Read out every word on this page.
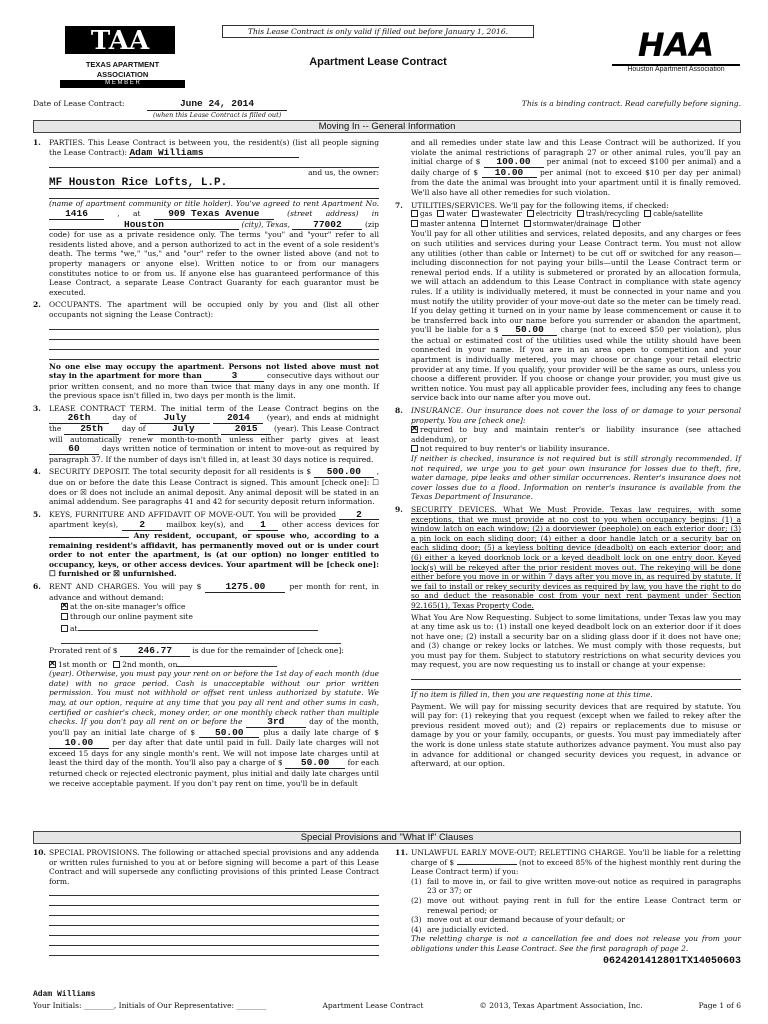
TAA
TEXAS APARTMENT ASSOCIATION
M E M B E R
This Lease Contract is only valid if filled out before January 1, 2016.
Apartment Lease Contract	HAA
Houston Apartment Association
Date of Lease Contract:	June 24, 2014	This is a binding contract. Read carefully before signing.
(when this Lease Contract is filled out)
Moving In -- General Information
1. PARTIES. This Lease Contract is between you, the resident(s) (list all people signing the Lease Contract): Adam Williams
and us, the owner:
MF Houston Rice Lofts, L.P.
(name of apartment community or title holder). You've agreed to rent Apartment No. 1416	, at	909 Texas Avenue	(street address) in Houston	(city), Texas, 77002	(zip code) for use as a private residence only. The terms "you" and "your" refer to all residents listed above, and a person authorized to act in the event of a sole resident's death. The terms "we," "us," and "our" refer to the owner listed above (and not to property managers or anyone else). Written notice to or from our managers constitutes notice to or from us. If anyone else has guaranteed performance of this Lease Contract, a separate Lease Contract Guaranty for each guarantor must be executed.
2. OCCUPANTS. The apartment will be occupied only by you and (list all other occupants not signing the Lease Contract):
No one else may occupy the apartment. Persons not listed above must not stay in the apartment for more than	3	consecutive days without our prior written consent, and no more than twice that many days in any one month. If the previous space isn't filled in, two days per month is the limit.
3. LEASE CONTRACT TERM. The initial term of the Lease Contract begins on the 26th	day of	July	2014 (year), and ends at midnight the 25th	day of	July	2015 (year). This Lease Contract will automatically renew month-to-month unless either party gives at least 60	days written notice of termination or intent to move-out as required by paragraph 37. If the number of days isn't filled in, at least 30 days notice is required.
4. SECURITY DEPOSIT. The total security deposit for all residents is $ 500.00 , due on or before the date this Lease Contract is signed. This amount [check one]: ☐ does or ☒ does not include an animal deposit. Any animal deposit will be stated in an animal addendum. See paragraphs 41 and 42 for security deposit return information.
5. KEYS, FURNITURE AND AFFIDAVIT OF MOVE-OUT. You will be provided 2 apartment key(s), 2	mailbox key(s), and 1 other access devices for  Any resident, occupant, or spouse who, according to a remaining resident's affidavit, has permanently moved out or is under court order to not enter the apartment, is (at our option) no longer entitled to occupancy, keys, or other access devices. Your apartment will be [check one]: ☐ furnished or ☒ unfurnished.
6. RENT AND CHARGES. You will pay $	1275.00	per month for rent, in advance and without demand:
✕at the on-site manager's office
through our online payment site
at
Prorated rent of $ 246.77	is due for the remainder of [check one]:
✕1st month or 2nd month, on
(year). Otherwise, you must pay your rent on or before the 1st day of each month (due date) with no grace period. Cash is unacceptable without our prior written permission. You must not withhold or offset rent unless authorized by statute. We may, at our option, require at any time that you pay all rent and other sums in cash, certified or cashier's check, money order, or one monthly check rather than multiple checks. If you don't pay all rent on or before the	3rd	day of the month, you'll pay an initial late charge of $ 50.00	plus a daily late charge of $ 10.00	per day after that date until paid in full. Daily late charges will not exceed 15 days for any single month's rent. We will not impose late charges until at least the third day of the month. You'll also pay a charge of $ 50.00 for each returned check or rejected electronic payment, plus initial and daily late charges until we receive acceptable payment. If you don't pay rent on time, you'll be in default
and all remedies under state law and this Lease Contract will be authorized. If you violate the animal restrictions of paragraph 27 or other animal rules, you'll pay an initial charge of $ 100.00 per animal (not to exceed $100 per animal) and a daily charge of $ 10.00 per animal (not to exceed $10 per day per animal) from the date the animal was brought into your apartment until it is finally removed. We'll also have all other remedies for such violation.
7. UTILITIES/SERVICES. We'll pay for the following items, if checked:
gas water wastewater electricity trash/recycling cable/satellitemaster antenna Internet stormwater/drainage other
You'll pay for all other utilities and services, related deposits, and any charges or fees on such utilities and services during your Lease Contract term. You must not allow any utilities (other than cable or Internet) to be cut off or switched for any reason—including disconnection for not paying your bills—until the Lease Contract term or renewal period ends. If a utility is submetered or prorated by an allocation formula, we will attach an addendum to this Lease Contract in compliance with state agency rules. If a utility is individually metered, it must be connected in your name and you must notify the utility provider of your move-out date so the meter can be timely read. If you delay getting it turned on in your name by lease commencement or cause it to be transferred back into our name before you surrender or abandon the apartment, you'll be liable for a $ 50.00 charge (not to exceed $50 per violation), plus the actual or estimated cost of the utilities used while the utility should have been connected in your name. If you are in an area open to competition and your apartment is individually metered, you may choose or change your retail electric provider at any time. If you qualify, your provider will be the same as ours, unless you choose a different provider. If you choose or change your provider, you must give us written notice. You must pay all applicable provider fees, including any fees to change service back into our name after you move out.
8. INSURANCE. Our insurance does not cover the loss of or damage to your personal property. You are [check one]:
✕required to buy and maintain renter's or liability insurance (see attached addendum), or
not required to buy renter's or liability insurance.
If neither is checked, insurance is not required but is still strongly recommended. If not required, we urge you to get your own insurance for losses due to theft, fire, water damage, pipe leaks and other similar occurrences. Renter's insurance does not cover losses due to a flood. Information on renter's insurance is available from the Texas Department of Insurance.
9. SECURITY DEVICES. What We Must Provide. Texas law requires, with some exceptions, that we must provide at no cost to you when occupancy begins: (1) a window latch on each window; (2) a doorviewer (peephole) on each exterior door; (3) a pin lock on each sliding door; (4) either a door handle latch or a security bar on each sliding door; (5) a keyless bolting device (deadbolt) on each exterior door; and (6) either a keyed doorknob lock or a keyed deadbolt lock on one entry door. Keyed lock(s) will be rekeyed after the prior resident moves out. The rekeying will be done either before you move in or within 7 days after you move in, as required by statute. If we fail to install or rekey security devices as required by law, you have the right to do so and deduct the reasonable cost from your next rent payment under Section 92.165(1), Texas Property Code.
What You Are Now Requesting. Subject to some limitations, under Texas law you may at any time ask us to: (1) install one keyed deadbolt lock on an exterior door if it does not have one; (2) install a security bar on a sliding glass door if it does not have one; and (3) change or rekey locks or latches. We must comply with those requests, but you must pay for them. Subject to statutory restrictions on what security devices you may request, you are now requesting us to install or change at your expense:
If no item is filled in, then you are requesting none at this time.
Payment. We will pay for missing security devices that are required by statute. You will pay for: (1) rekeying that you request (except when we failed to rekey after the previous resident moved out); and (2) repairs or replacements due to misuse or damage by you or your family, occupants, or guests. You must pay immediately after the work is done unless state statute authorizes advance payment. You must also pay in advance for additional or changed security devices you request, in advance or afterward, at our option.
Special Provisions and "What If" Clauses
10. SPECIAL PROVISIONS. The following or attached special provisions and any addenda or written rules furnished to you at or before signing will become a part of this Lease Contract and will supersede any conflicting provisions of this printed Lease Contract form.
11. UNLAWFUL EARLY MOVE-OUT; RELETTING CHARGE. You'll be liable for a reletting charge of $	(not to exceed 85% of the highest monthly rent during the Lease Contract term) if you:
(1) fail to move in, or fail to give written move-out notice as required in paragraphs 23 or 37; or
(2) move out without paying rent in full for the entire Lease Contract term or renewal period; or
(3) move out at our demand because of your default; or
(4) are judicially evicted.
The reletting charge is not a cancellation fee and does not release you from your obligations under this Lease Contract. See the first paragraph of page 2.
0624201412801TX14050603
Adam Williams
Your Initials: ________, Initials of Our Representative: ________	Apartment Lease Contract	© 2013, Texas Apartment Association, Inc.	Page 1 of 6
